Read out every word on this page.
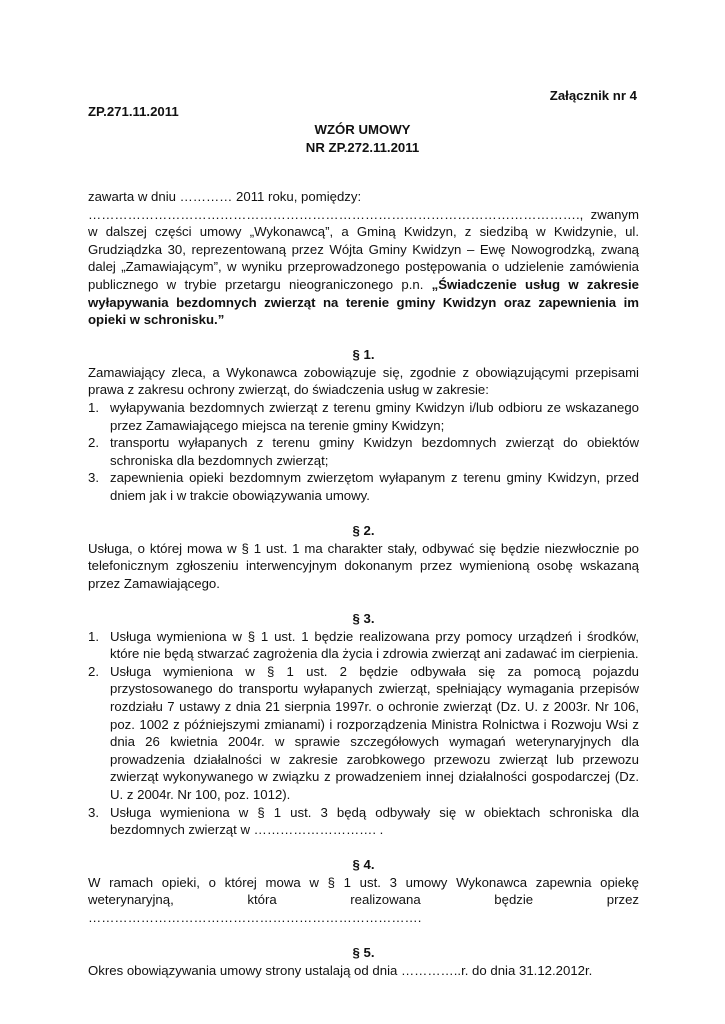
Załącznik nr 4
ZP.271.11.2011
WZÓR UMOWY
NR ZP.272.11.2011

zawarta w dniu ………… 2011 roku, pomiędzy:

…………………………………………………………………………………………………., zwanym w dalszej części umowy „Wykonawcą”, a Gminą Kwidzyn, z siedzibą w Kwidzynie, ul. Grudziądzka 30, reprezentowaną przez Wójta Gminy Kwidzyn – Ewę Nowogrodzką, zwaną dalej „Zamawiającym”, w wyniku przeprowadzonego postępowania o udzielenie zamówienia publicznego w trybie przetargu nieograniczonego p.n. „Świadczenie usług w zakresie wyłapywania bezdomnych zwierząt na terenie gminy Kwidzyn oraz zapewnienia im opieki w schronisku.”

§ 1.

Zamawiający zleca, a Wykonawca zobowiązuje się, zgodnie z obowiązującymi przepisami prawa z zakresu ochrony zwierząt, do świadczenia usług w zakresie:

1. wyłapywania bezdomnych zwierząt z terenu gminy Kwidzyn i/lub odbioru ze wskazanego przez Zamawiającego miejsca na terenie gminy Kwidzyn;
2. transportu wyłapanych z terenu gminy Kwidzyn bezdomnych zwierząt do obiektów schroniska dla bezdomnych zwierząt;
3. zapewnienia opieki bezdomnym zwierzętom wyłapanym z terenu gminy Kwidzyn, przed dniem jak i w trakcie obowiązywania umowy.

§ 2.

Usługa, o której mowa w § 1 ust. 1 ma charakter stały, odbywać się będzie niezwłocznie po telefonicznym zgłoszeniu interwencyjnym dokonanym przez wymienioną osobę wskazaną przez Zamawiającego.

§ 3.

1. Usługa wymieniona w § 1 ust. 1 będzie realizowana przy pomocy urządzeń i środków, które nie będą stwarzać zagrożenia dla życia i zdrowia zwierząt ani zadawać im cierpienia.
2. Usługa wymieniona w § 1 ust. 2 będzie odbywała się za pomocą pojazdu przystosowanego do transportu wyłapanych zwierząt, spełniający wymagania przepisów rozdziału 7 ustawy z dnia 21 sierpnia 1997r. o ochronie zwierząt (Dz. U. z 2003r. Nr 106, poz. 1002 z późniejszymi zmianami) i rozporządzenia Ministra Rolnictwa i Rozwoju Wsi z dnia 26 kwietnia 2004r. w sprawie szczegółowych wymagań weterynaryjnych dla prowadzenia działalności w zakresie zarobkowego przewozu zwierząt lub przewozu zwierząt wykonywanego w związku z prowadzeniem innej działalności gospodarczej (Dz. U. z 2004r. Nr 100, poz. 1012).
3. Usługa wymieniona w § 1 ust. 3 będą odbywały się w obiektach schroniska dla bezdomnych zwierząt w ………………………. .

§ 4.

W ramach opieki, o której mowa w § 1 ust. 3 umowy Wykonawca zapewnia opiekę weterynaryjną, która realizowana będzie przez ………………………………………………………………….

§ 5.

Okres obowiązywania umowy strony ustalają od dnia …………..r. do dnia 31.12.2012r.
